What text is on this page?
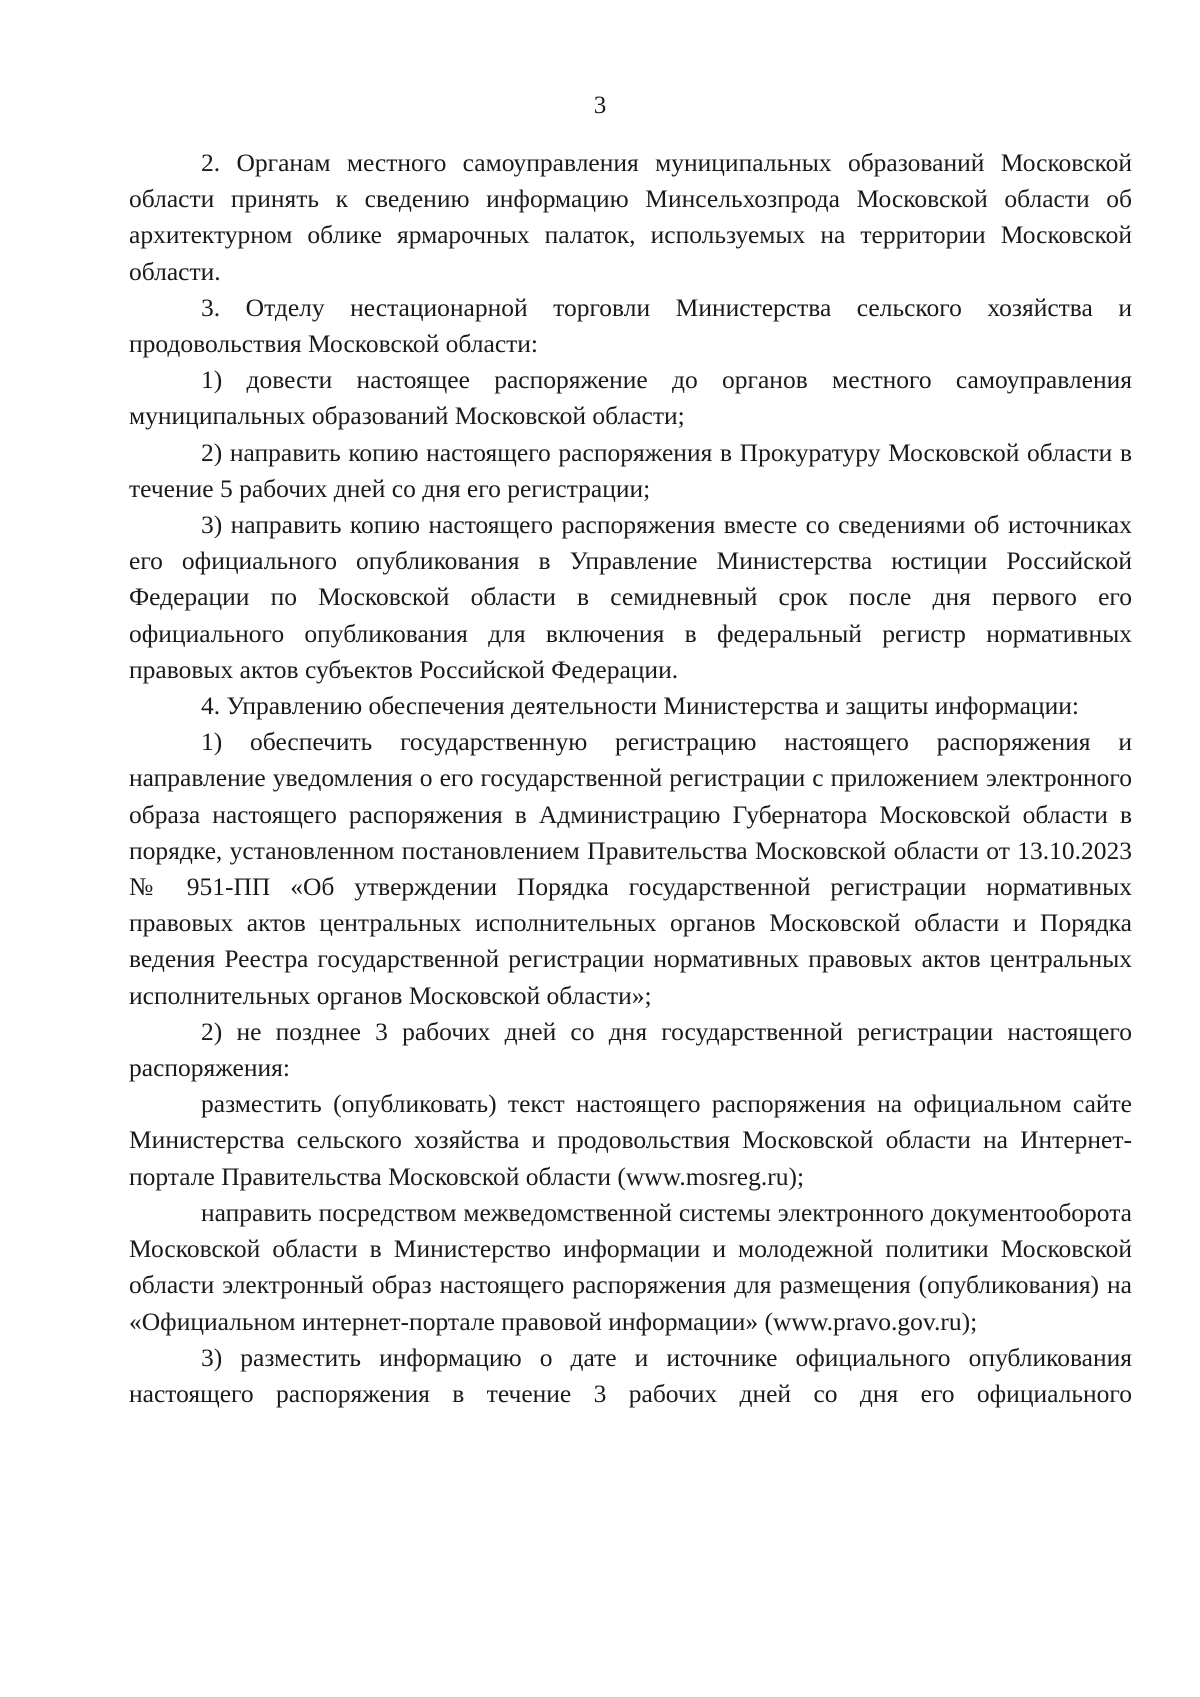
3

2. Органам местного самоуправления муниципальных образований Московской области принять к сведению информацию Минсельхозпрода Московской области об архитектурном облике ярмарочных палаток, используемых на территории Московской области.

3. Отделу нестационарной торговли Министерства сельского хозяйства и продовольствия Московской области:

1) довести настоящее распоряжение до органов местного самоуправления муниципальных образований Московской области;

2) направить копию настоящего распоряжения в Прокуратуру Московской области в течение 5 рабочих дней со дня его регистрации;

3) направить копию настоящего распоряжения вместе со сведениями об источниках его официального опубликования в Управление Министерства юстиции Российской Федерации по Московской области в семидневный срок после дня первого его официального опубликования для включения в федеральный регистр нормативных правовых актов субъектов Российской Федерации.

4. Управлению обеспечения деятельности Министерства и защиты информации:

1) обеспечить государственную регистрацию настоящего распоряжения и направление уведомления о его государственной регистрации с приложением электронного образа настоящего распоряжения в Администрацию Губернатора Московской области в порядке, установленном постановлением Правительства Московской области от 13.10.2023 № 951-ПП «Об утверждении Порядка государственной регистрации нормативных правовых актов центральных исполнительных органов Московской области и Порядка ведения Реестра государственной регистрации нормативных правовых актов центральных исполнительных органов Московской области»;

2) не позднее 3 рабочих дней со дня государственной регистрации настоящего распоряжения:

разместить (опубликовать) текст настоящего распоряжения на официальном сайте Министерства сельского хозяйства и продовольствия Московской области на Интернет-портале Правительства Московской области (www.mosreg.ru);

направить посредством межведомственной системы электронного документооборота Московской области в Министерство информации и молодежной политики Московской области электронный образ настоящего распоряжения для размещения (опубликования) на «Официальном интернет-портале правовой информации» (www.pravo.gov.ru);

3) разместить информацию о дате и источнике официального опубликования настоящего распоряжения в течение 3 рабочих дней со дня его официального
